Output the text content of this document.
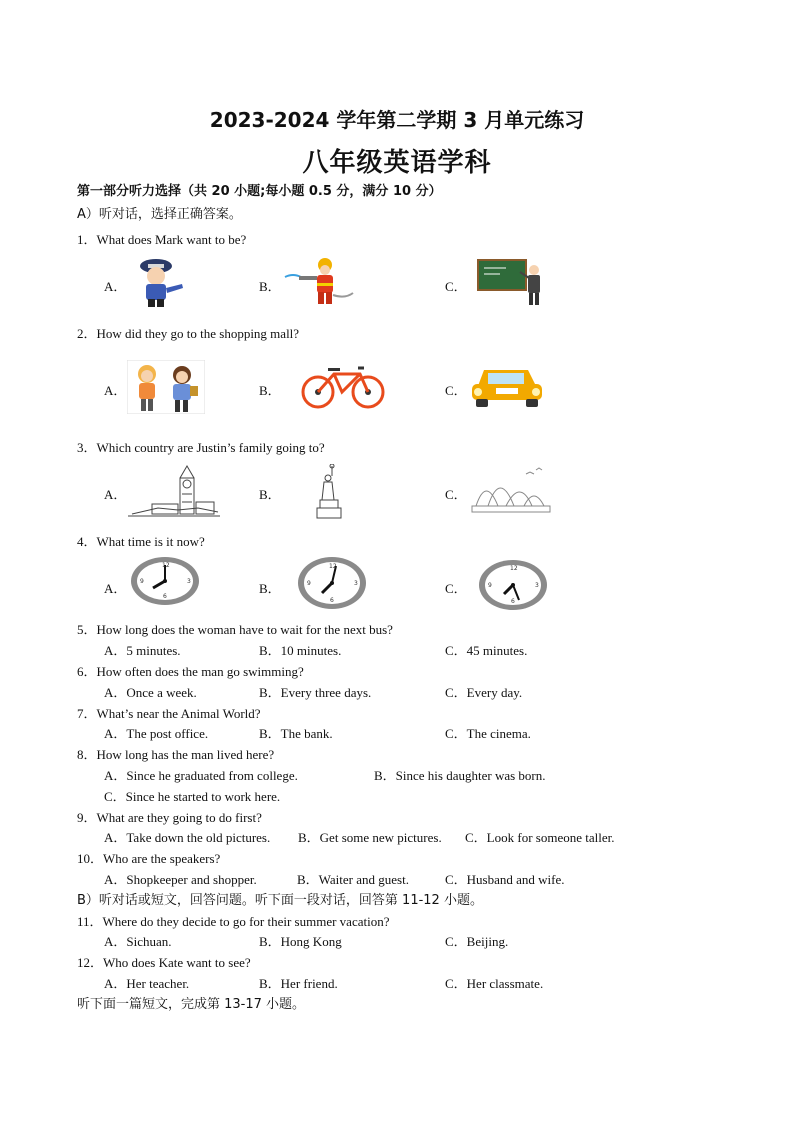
2023-2024 学年第二学期 3 月单元练习
八年级英语学科
第一部分听力选择（共 20 小题;每小题 0.5 分，满分 10 分）
A）听对话，选择正确答案。
1．What does Mark want to be?
A．	B．	C．
2．How did they go to the shopping mall?
A．	B．	C．
3．Which country are Justin’s family going to?
A．	B．	C．
4．What time is it now?
A．	B．	C．
12
3
6
9
12
3
6
9
12
3
6
9
5．How long does the woman have to wait for the next bus?
A．5 minutes.	B．10 minutes.	C．45 minutes.
6．How often does the man go swimming?
A．Once a week.	B．Every three days.	C．Every day.
7．What’s near the Animal World?
A．The post office.	B．The bank.	C．The cinema.
8．How long has the man lived here?
A．Since he graduated from college.	B．Since his daughter was born.
C．Since he started to work here.
9．What are they going to do first?
A．Take down the old pictures. B．Get some new pictures. C．Look for someone taller.
10．Who are the speakers?
A．Shopkeeper and shopper.	B．Waiter and guest.	C．Husband and wife.
B）听对话或短文，回答问题。听下面一段对话，回答第 11-12 小题。
11．Where do they decide to go for their summer vacation?
A．Sichuan.	B．Hong Kong	C．Beijing.
12．Who does Kate want to see?
A．Her teacher.	B．Her friend.	C．Her classmate.
听下面一篇短文，完成第 13-17 小题。
